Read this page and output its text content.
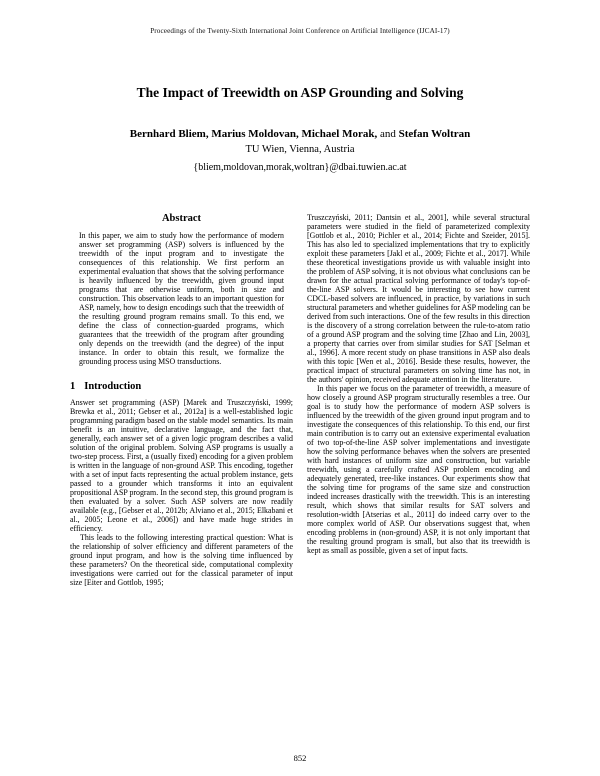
Proceedings of the Twenty-Sixth International Joint Conference on Artificial Intelligence (IJCAI-17)
The Impact of Treewidth on ASP Grounding and Solving
Bernhard Bliem, Marius Moldovan, Michael Morak, and Stefan Woltran
TU Wien, Vienna, Austria
{bliem,moldovan,morak,woltran}@dbai.tuwien.ac.at
Abstract
In this paper, we aim to study how the performance of modern answer set programming (ASP) solvers is influenced by the treewidth of the input program and to investigate the consequences of this relationship. We first perform an experimental evaluation that shows that the solving performance is heavily influenced by the treewidth, given ground input programs that are otherwise uniform, both in size and construction. This observation leads to an important question for ASP, namely, how to design encodings such that the treewidth of the resulting ground program remains small. To this end, we define the class of connection-guarded programs, which guarantees that the treewidth of the program after grounding only depends on the treewidth (and the degree) of the input instance. In order to obtain this result, we formalize the grounding process using MSO transductions.
1 Introduction

Answer set programming (ASP) [Marek and Truszczyński, 1999; Brewka et al., 2011; Gebser et al., 2012a] is a well-established logic programming paradigm based on the stable model semantics. Its main benefit is an intuitive, declarative language, and the fact that, generally, each answer set of a given logic program describes a valid solution of the original problem. Solving ASP programs is usually a two-step process. First, a (usually fixed) encoding for a given problem is written in the language of non-ground ASP. This encoding, together with a set of input facts representing the actual problem instance, gets passed to a grounder which transforms it into an equivalent propositional ASP program. In the second step, this ground program is then evaluated by a solver. Such ASP solvers are now readily available (e.g., [Gebser et al., 2012b; Alviano et al., 2015; Elkabani et al., 2005; Leone et al., 2006]) and have made huge strides in efficiency.

This leads to the following interesting practical question: What is the relationship of solver efficiency and different parameters of the ground input program, and how is the solving time influenced by these parameters? On the theoretical side, computational complexity investigations were carried out for the classical parameter of input size [Eiter and Gottlob, 1995;

Truszczyński, 2011; Dantsin et al., 2001], while several structural parameters were studied in the field of parameterized complexity [Gottlob et al., 2010; Pichler et al., 2014; Fichte and Szeider, 2015]. This has also led to specialized implementations that try to explicitly exploit these parameters [Jakl et al., 2009; Fichte et al., 2017]. While these theoretical investigations provide us with valuable insight into the problem of ASP solving, it is not obvious what conclusions can be drawn for the actual practical solving performance of today's top-of-the-line ASP solvers. It would be interesting to see how current CDCL-based solvers are influenced, in practice, by variations in such structural parameters and whether guidelines for ASP modeling can be derived from such interactions. One of the few results in this direction is the discovery of a strong correlation between the rule-to-atom ratio of a ground ASP program and the solving time [Zhao and Lin, 2003], a property that carries over from similar studies for SAT [Selman et al., 1996]. A more recent study on phase transitions in ASP also deals with this topic [Wen et al., 2016]. Beside these results, however, the practical impact of structural parameters on solving time has not, in the authors' opinion, received adequate attention in the literature.

In this paper we focus on the parameter of treewidth, a measure of how closely a ground ASP program structurally resembles a tree. Our goal is to study how the performance of modern ASP solvers is influenced by the treewidth of the given ground input program and to investigate the consequences of this relationship. To this end, our first main contribution is to carry out an extensive experimental evaluation of two top-of-the-line ASP solver implementations and investigate how the solving performance behaves when the solvers are presented with hard instances of uniform size and construction, but variable treewidth, using a carefully crafted ASP problem encoding and adequately generated, tree-like instances. Our experiments show that the solving time for programs of the same size and construction indeed increases drastically with the treewidth. This is an interesting result, which shows that similar results for SAT solvers and resolution-width [Atserias et al., 2011] do indeed carry over to the more complex world of ASP. Our observations suggest that, when encoding problems in (non-ground) ASP, it is not only important that the resulting ground program is small, but also that its treewidth is kept as small as possible, given a set of input facts.

852
